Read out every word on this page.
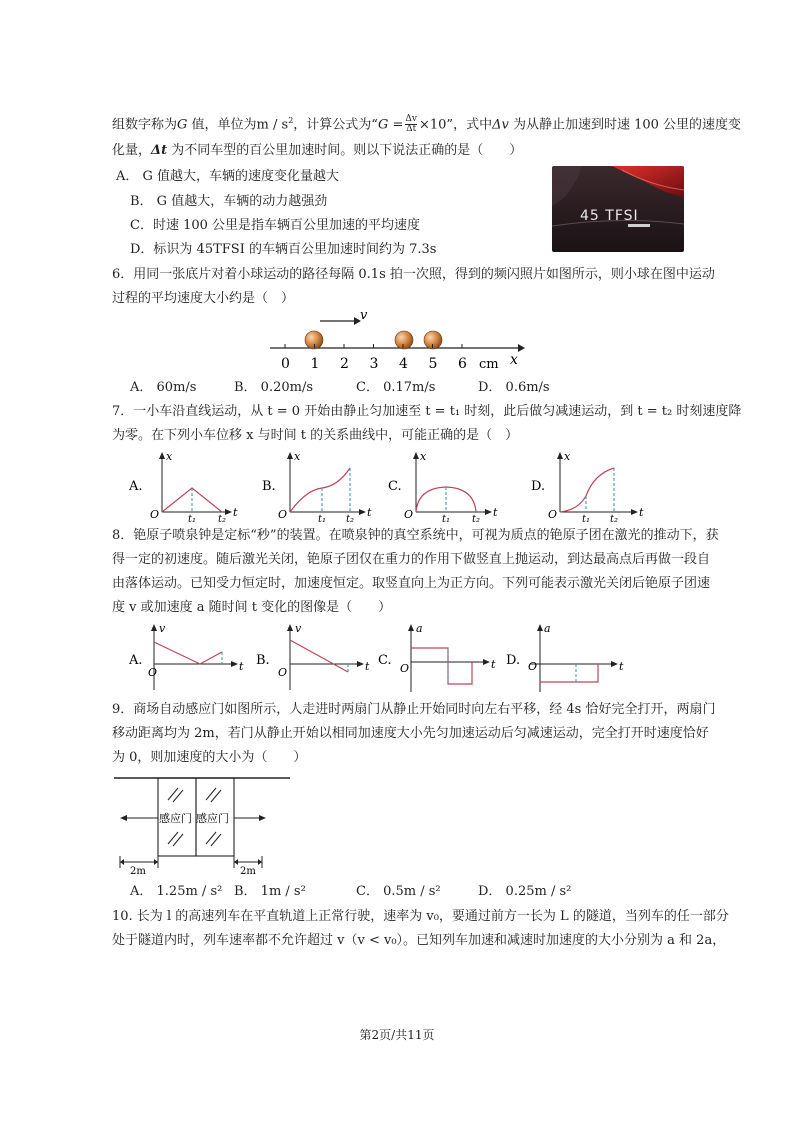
组数字称为G 值，单位为m / $s^2$，计算公式为“$G = \frac{\Delta v}{\Delta t} \times 10$”，式中Δv 为从静止加速到时速 100 公里的速度变
化量，Δt 为不同车型的百公里加速时间。则以下说法正确的是（　　）
A． G 值越大，车辆的速度变化量越大
B． G 值越大，车辆的动力越强劲
C．时速 100 公里是指车辆百公里加速的平均速度
D．标识为 45TFSI 的车辆百公里加速时间约为 7.3s
45 TFSI
6．用同一张底片对着小球运动的路径每隔 0.1s 拍一次照，得到的频闪照片如图所示，则小球在图中运动
过程的平均速度大小约是（　）
v
0 1 2 3 4 5 6 cm x
A． 60m/s	B． 0.20m/s	C． 0.17m/s	D． 0.6m/s
7．一小车沿直线运动，从 t = 0 开始由静止匀加速至 t = t₁ 时刻，此后做匀减速运动，到 t = t₂ 时刻速度降
为零。在下列小车位移 x 与时间 t 的关系曲线中，可能正确的是（　）
A.
x
O	t
t₁ t₂
B.
x
O	t
t₁ t₂
C.
x
O	t
t₁ t₂
D.
x
O	t
t₁ t₂
8．铯原子喷泉钟是定标“秒”的装置。在喷泉钟的真空系统中，可视为质点的铯原子团在激光的推动下，获
得一定的初速度。随后激光关闭，铯原子团仅在重力的作用下做竖直上抛运动，到达最高点后再做一段自
由落体运动。已知受力恒定时，加速度恒定。取竖直向上为正方向。下列可能表示激光关闭后铯原子团速
度 v 或加速度 a 随时间 t 变化的图像是（　　）
A.
v
O	t B.
v
O	t C.
a
O	t D.
a
O	t
9．商场自动感应门如图所示，人走进时两扇门从静止开始同时向左右平移，经 4s 恰好完全打开，两扇门
移动距离均为 2m，若门从静止开始以相同加速度大小先匀加速运动后匀减速运动，完全打开时速度恰好
为 0，则加速度的大小为（　　）
感应门 感应门
2m	2m
A． 1.25m / s² B． 1m / s²	C． 0.5m / s²	D． 0.25m / s²
10. 长为 l 的高速列车在平直轨道上正常行驶，速率为 v₀，要通过前方一长为 L 的隧道，当列车的任一部分
处于隧道内时，列车速率都不允许超过 v（v < v₀）。已知列车加速和减速时加速度的大小分别为 a 和 2a，
第2页/共11页
